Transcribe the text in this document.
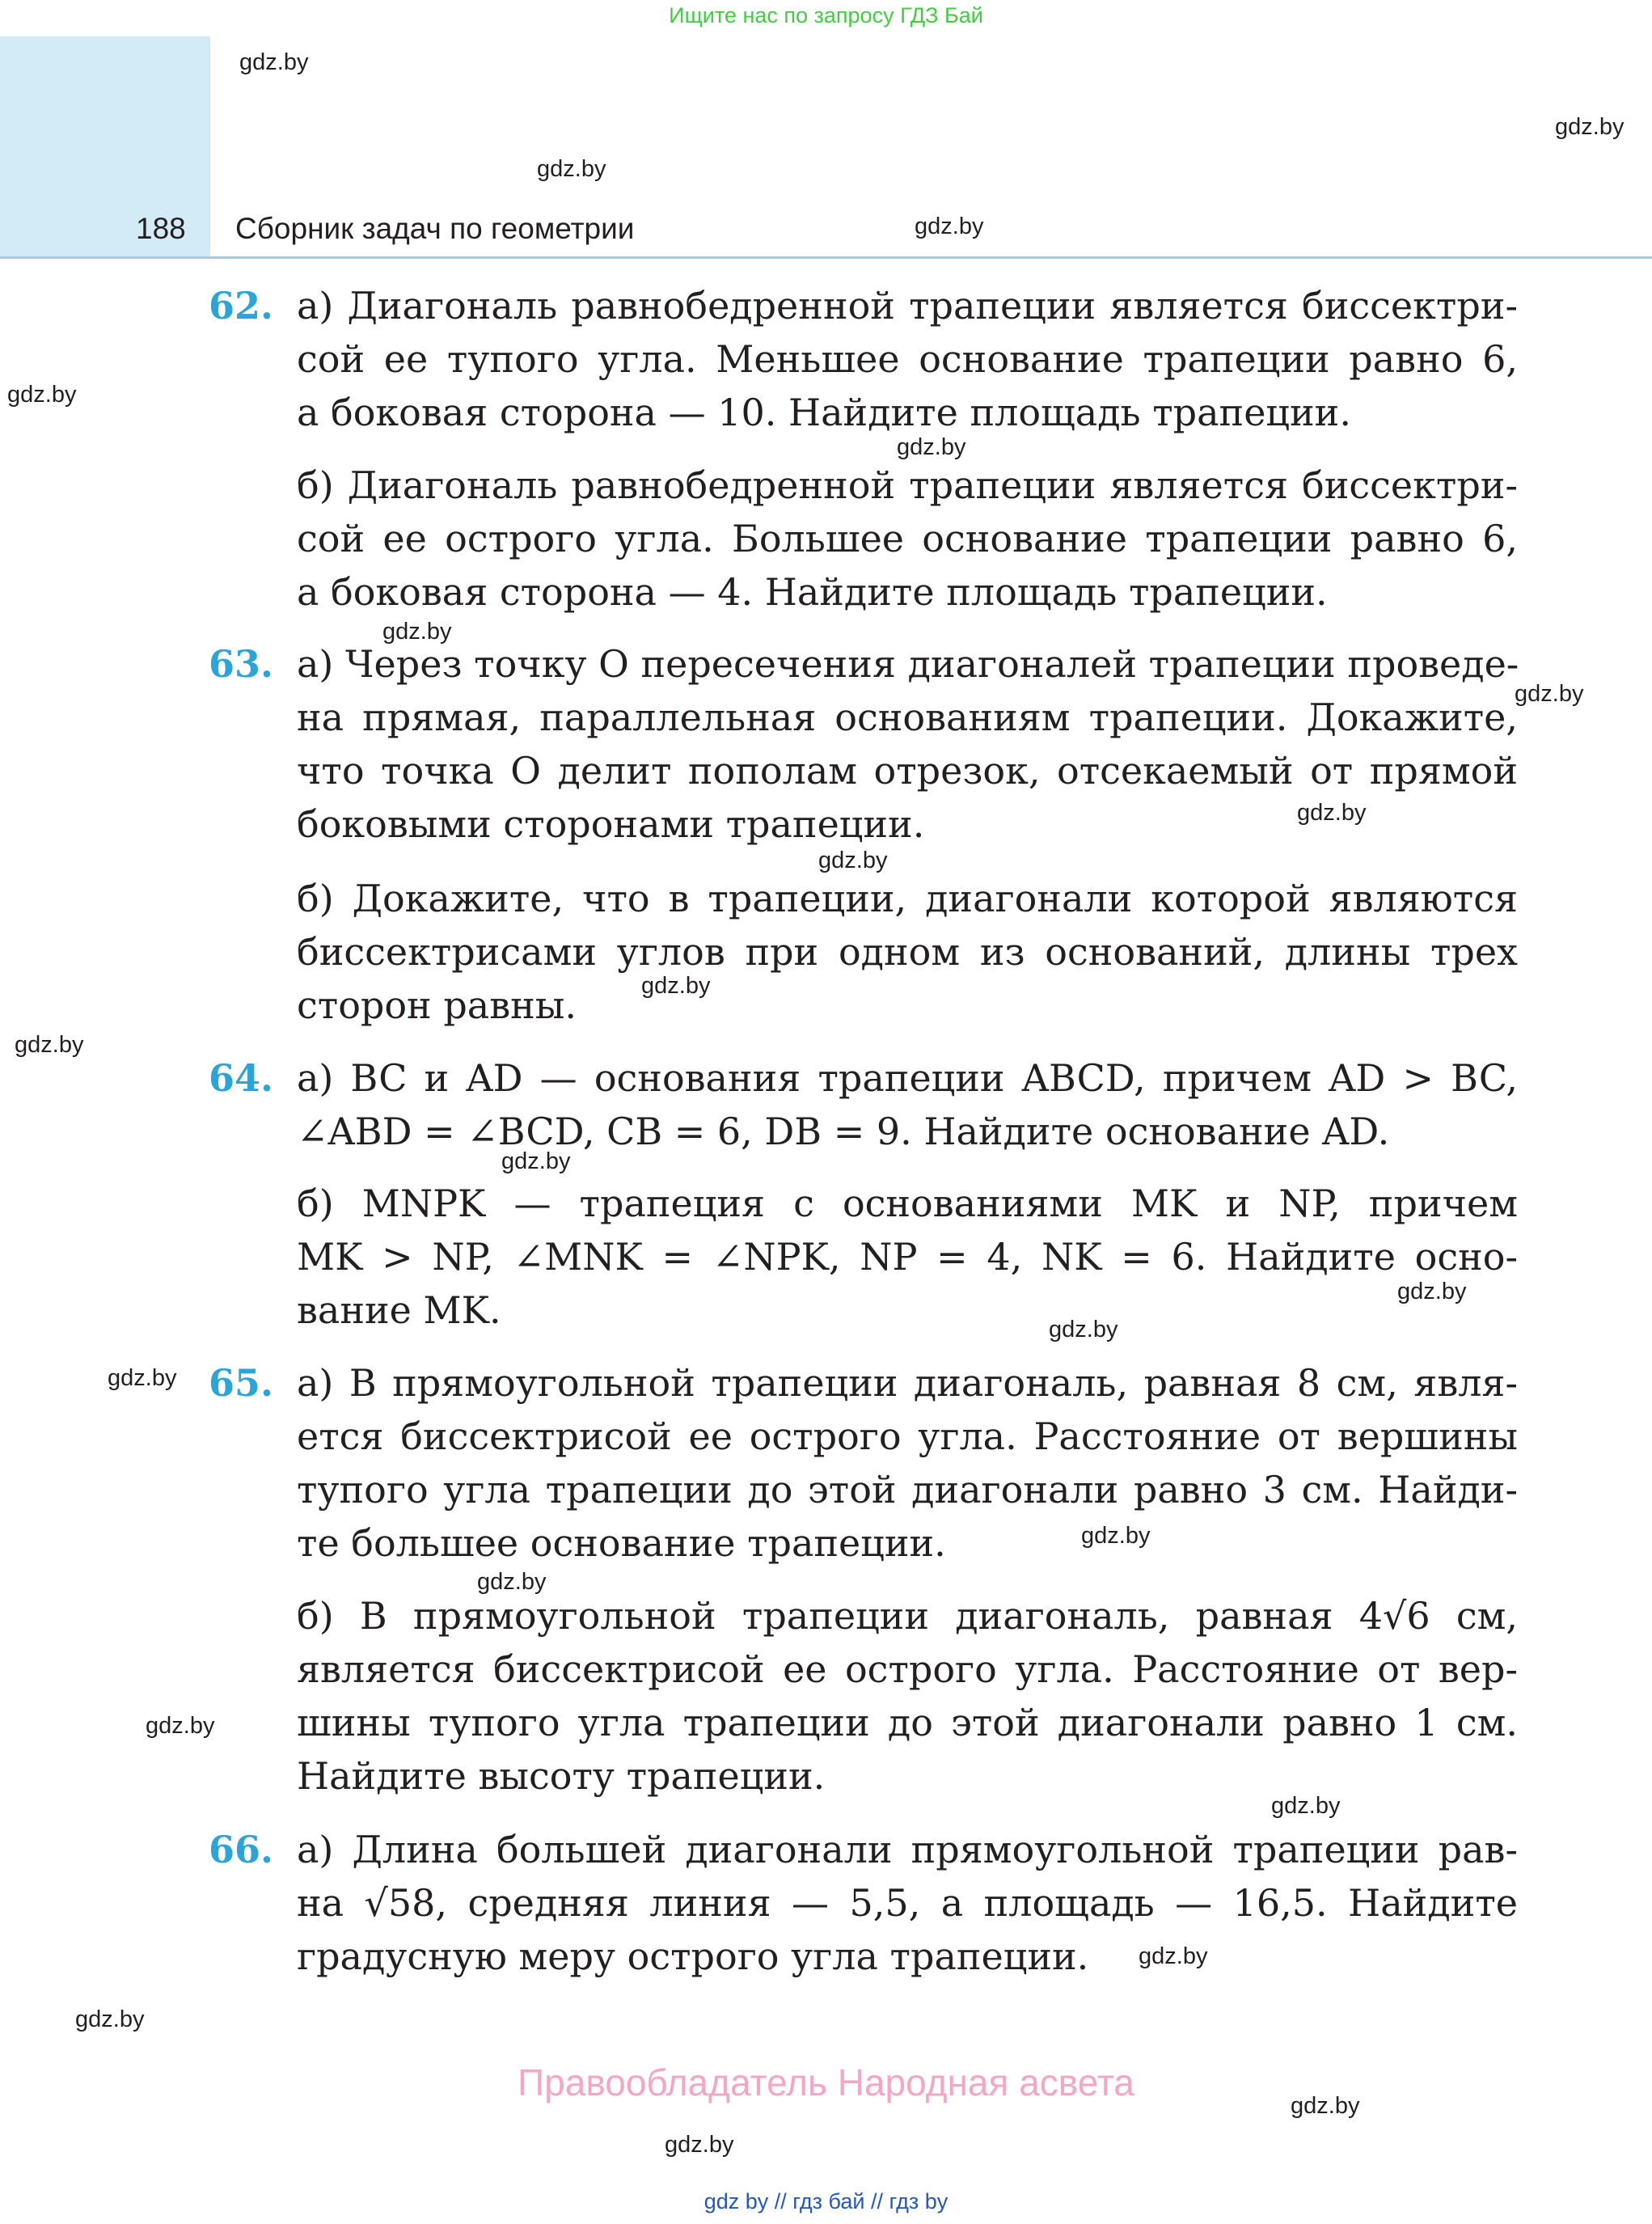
Ищите нас по запросу ГДЗ Бай
188 Сборник задач по геометрии
62. а) Диагональ равнобедренной трапеции является биссектри-
сой ее тупого угла. Меньшее основание трапеции равно 6,
а боковая сторона — 10. Найдите площадь трапеции.
б) Диагональ равнобедренной трапеции является биссектри-
сой ее острого угла. Большее основание трапеции равно 6,
а боковая сторона — 4. Найдите площадь трапеции.
63. а) Через точку O пересечения диагоналей трапеции проведе-
на прямая, параллельная основаниям трапеции. Докажите,
что точка O делит пополам отрезок, отсекаемый от прямой
боковыми сторонами трапеции.
б) Докажите, что в трапеции, диагонали которой являются
биссектрисами углов при одном из оснований, длины трех
сторон равны.
64. а) BC и AD — основания трапеции ABCD, причем AD > BC,
∠ABD = ∠BCD, CB = 6, DB = 9. Найдите основание AD.
б) MNPK — трапеция с основаниями MK и NP, причем
MK > NP, ∠MNK = ∠NPK, NP = 4, NK = 6. Найдите осно-
вание MK.
65. а) В прямоугольной трапеции диагональ, равная 8 см, явля-
ется биссектрисой ее острого угла. Расстояние от вершины
тупого угла трапеции до этой диагонали равно 3 см. Найди-
те большее основание трапеции.
б) В прямоугольной трапеции диагональ, равная 4√6 см,
является биссектрисой ее острого угла. Расстояние от вер-
шины тупого угла трапеции до этой диагонали равно 1 см.
Найдите высоту трапеции.
66. а) Длина большей диагонали прямоугольной трапеции рав-
на √58, средняя линия — 5,5, а площадь — 16,5. Найдите
градусную меру острого угла трапеции.
gdz.by
gdz.by
gdz.by
gdz.by
gdz.by
gdz.by
gdz.by
gdz.by
gdz.by
gdz.by
gdz.by
gdz.by
gdz.by
gdz.by
gdz.by
gdz.by
gdz.by
gdz.by
gdz.by
gdz.by
gdz.by
gdz.by
gdz.by
gdz.by
Правообладатель Народная асвета
gdz by // гдз бай // гдз by
